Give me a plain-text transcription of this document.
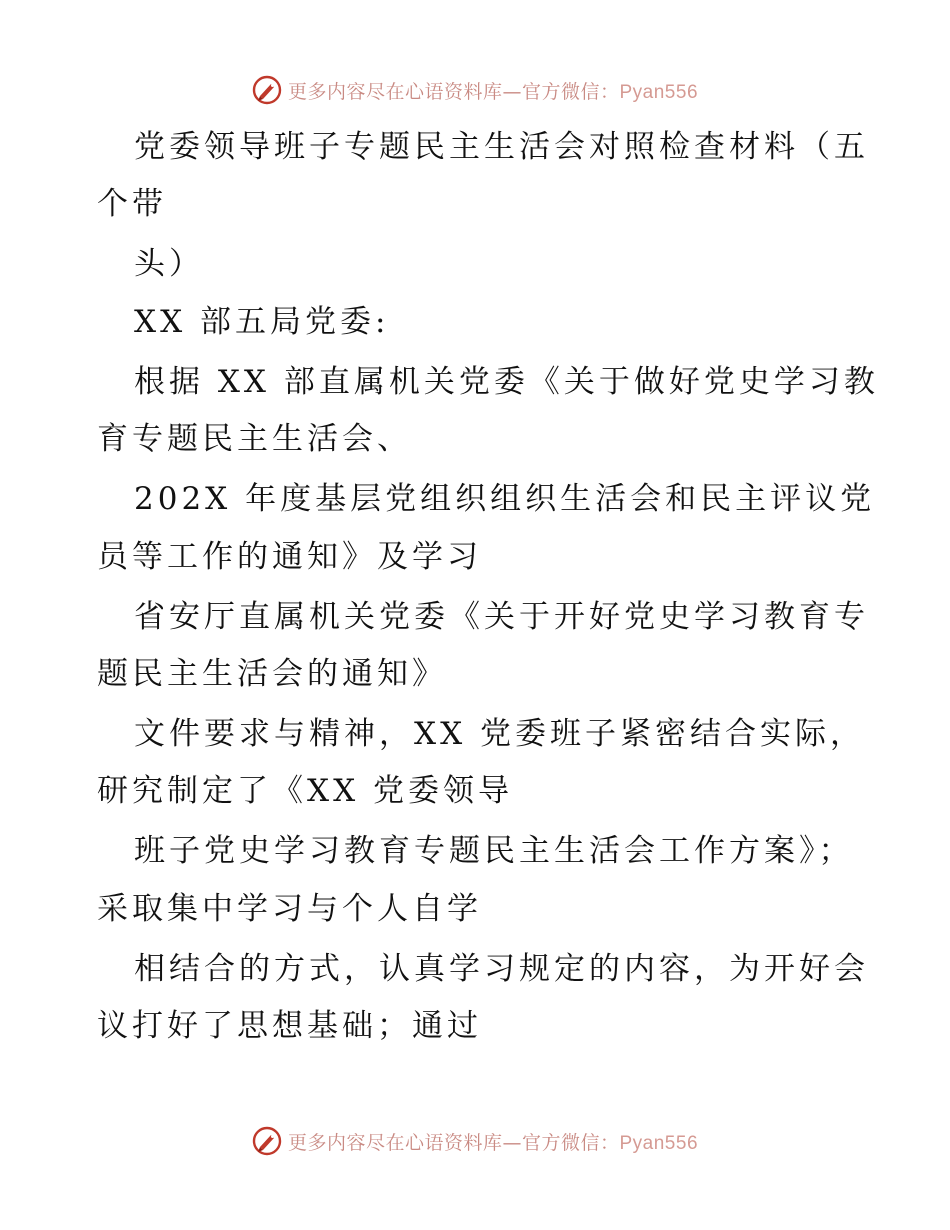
更多内容尽在心语资料库—官方微信：Pyan556
党委领导班子专题民主生活会对照检查材料（五
个带
头）
XX 部五局党委:
根据 XX 部直属机关党委《关于做好党史学习教
育专题民主生活会、
202X 年度基层党组织组织生活会和民主评议党
员等工作的通知》及学习
省安厅直属机关党委《关于开好党史学习教育专
题民主生活会的通知》
文件要求与精神，XX 党委班子紧密结合实际，
研究制定了《XX 党委领导
班子党史学习教育专题民主生活会工作方案》；
采取集中学习与个人自学
相结合的方式，认真学习规定的内容，为开好会
议打好了思想基础；通过
更多内容尽在心语资料库—官方微信：Pyan556
